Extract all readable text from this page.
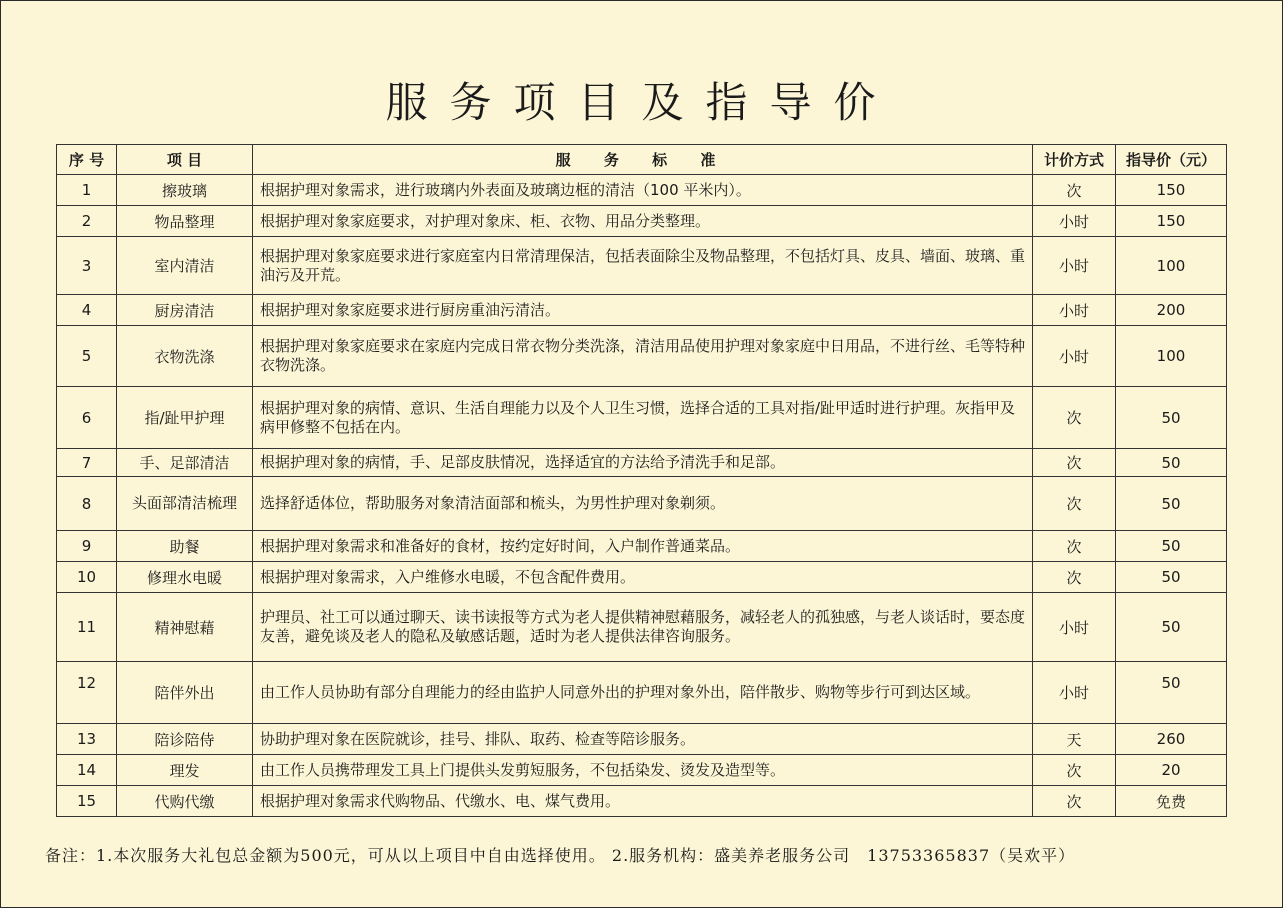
服务项目及指导价
序 号	项 目	服 务 标 准	计价方式	指导价（元）
1	擦玻璃	根据护理对象需求，进行玻璃内外表面及玻璃边框的清洁（100 平米内）。	次	150
2	物品整理	根据护理对象家庭要求，对护理对象床、柜、衣物、用品分类整理。	小时	150
3	室内清洁	根据护理对象家庭要求进行家庭室内日常清理保洁，包括表面除尘及物品整理，不包括灯具、皮具、墙面、玻璃、重油污及开荒。	小时	100
4	厨房清洁	根据护理对象家庭要求进行厨房重油污清洁。	小时	200
5	衣物洗涤	根据护理对象家庭要求在家庭内完成日常衣物分类洗涤，清洁用品使用护理对象家庭中日用品，不进行丝、毛等特种衣物洗涤。	小时	100
6	指/趾甲护理	根据护理对象的病情、意识、生活自理能力以及个人卫生习惯，选择合适的工具对指/趾甲适时进行护理。灰指甲及病甲修整不包括在内。	次	50
7	手、足部清洁	根据护理对象的病情，手、足部皮肤情况，选择适宜的方法给予清洗手和足部。	次	50
8	头面部清洁梳理	选择舒适体位，帮助服务对象清洁面部和梳头，为男性护理对象剃须。	次	50
9	助餐	根据护理对象需求和准备好的食材，按约定好时间，入户制作普通菜品。	次	50
10	修理水电暖	根据护理对象需求，入户维修水电暖，不包含配件费用。	次	50
11	精神慰藉	护理员、社工可以通过聊天、读书读报等方式为老人提供精神慰藉服务，减轻老人的孤独感，与老人谈话时，要态度友善，避免谈及老人的隐私及敏感话题，适时为老人提供法律咨询服务。	小时	50
12	陪伴外出	由工作人员协助有部分自理能力的经由监护人同意外出的护理对象外出，陪伴散步、购物等步行可到达区域。	小时	50
13	陪诊陪侍	协助护理对象在医院就诊，挂号、排队、取药、检查等陪诊服务。	天	260
14	理发	由工作人员携带理发工具上门提供头发剪短服务，不包括染发、烫发及造型等。	次	20
15	代购代缴	根据护理对象需求代购物品、代缴水、电、煤气费用。	次	免费
备注：1.本次服务大礼包总金额为500元，可从以上项目中自由选择使用。 2.服务机构：盛美养老服务公司　13753365837（吴欢平）
